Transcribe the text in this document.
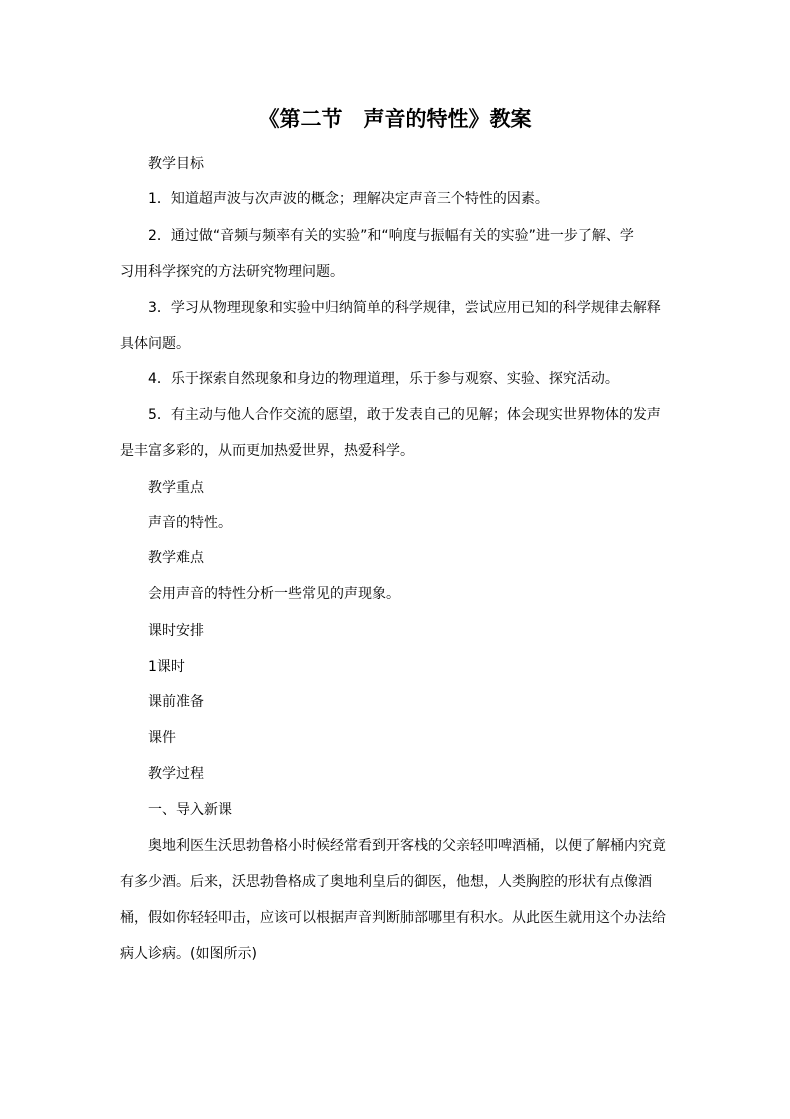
《第二节　声音的特性》教案
教学目标
1．知道超声波与次声波的概念；理解决定声音三个特性的因素。
2．通过做“音频与频率有关的实验”和“响度与振幅有关的实验”进一步了解、学
习用科学探究的方法研究物理问题。
3．学习从物理现象和实验中归纳简单的科学规律，尝试应用已知的科学规律去解释
具体问题。
4．乐于探索自然现象和身边的物理道理，乐于参与观察、实验、探究活动。
5．有主动与他人合作交流的愿望，敢于发表自己的见解；体会现实世界物体的发声
是丰富多彩的，从而更加热爱世界，热爱科学。
教学重点
声音的特性。
教学难点
会用声音的特性分析一些常见的声现象。
课时安排
1课时
课前准备
课件
教学过程
一、导入新课
奥地利医生沃思勃鲁格小时候经常看到开客栈的父亲轻叩啤酒桶，以便了解桶内究竟
有多少酒。后来，沃思勃鲁格成了奥地利皇后的御医，他想，人类胸腔的形状有点像酒
桶，假如你轻轻叩击，应该可以根据声音判断肺部哪里有积水。从此医生就用这个办法给
病人诊病。(如图所示)
